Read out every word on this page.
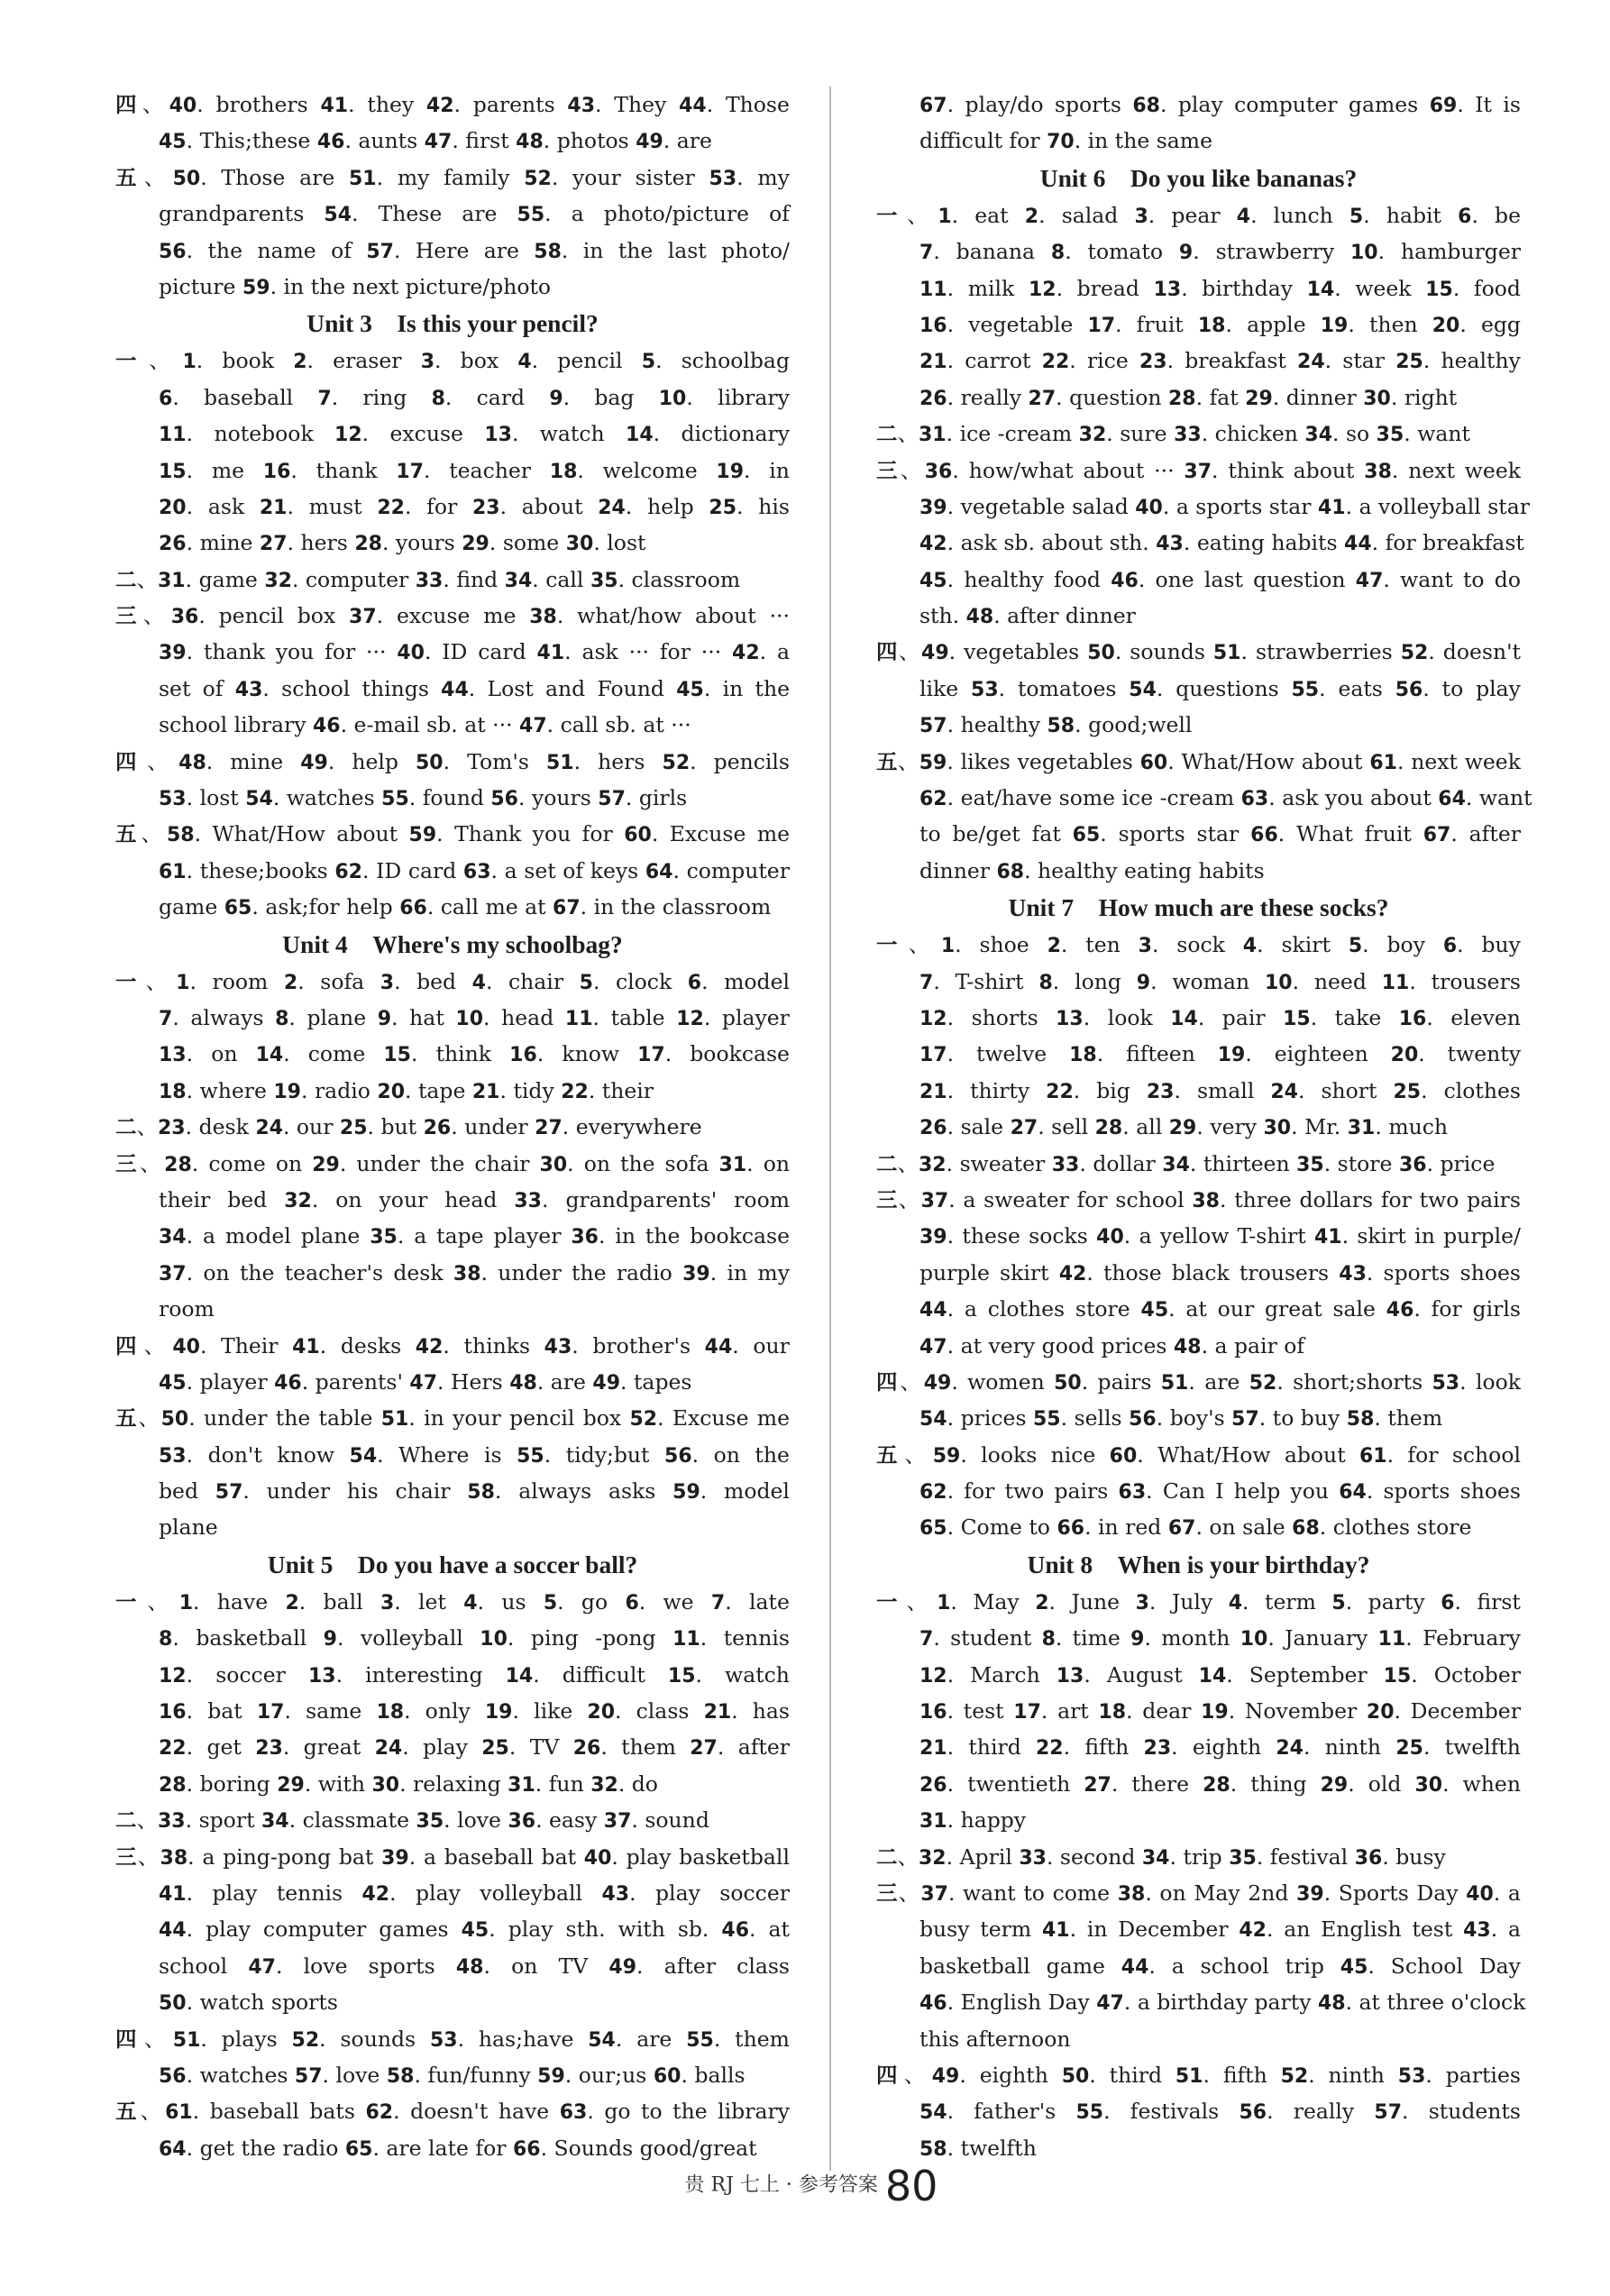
四、40. brothers 41. they 42. parents 43. They 44. Those
45. This;these 46. aunts 47. first 48. photos 49. are
五、50. Those are 51. my family 52. your sister 53. my
grandparents 54. These are 55. a photo/picture of
56. the name of 57. Here are 58. in the last photo/
picture 59. in the next picture/photo
Unit 3  Is this your pencil?
一、1. book 2. eraser 3. box 4. pencil 5. schoolbag
6. baseball 7. ring 8. card 9. bag 10. library
11. notebook 12. excuse 13. watch 14. dictionary
15. me 16. thank 17. teacher 18. welcome 19. in
20. ask 21. must 22. for 23. about 24. help 25. his
26. mine 27. hers 28. yours 29. some 30. lost
二、31. game 32. computer 33. find 34. call 35. classroom
三、36. pencil box 37. excuse me 38. what/how about ···
39. thank you for ··· 40. ID card 41. ask ··· for ··· 42. a
set of 43. school things 44. Lost and Found 45. in the
school library 46. e-mail sb. at ··· 47. call sb. at ···
四、48. mine 49. help 50. Tom's 51. hers 52. pencils
53. lost 54. watches 55. found 56. yours 57. girls
五、58. What/How about 59. Thank you for 60. Excuse me
61. these;books 62. ID card 63. a set of keys 64. computer
game 65. ask;for help 66. call me at 67. in the classroom
Unit 4  Where's my schoolbag?
一、1. room 2. sofa 3. bed 4. chair 5. clock 6. model
7. always 8. plane 9. hat 10. head 11. table 12. player
13. on 14. come 15. think 16. know 17. bookcase
18. where 19. radio 20. tape 21. tidy 22. their
二、23. desk 24. our 25. but 26. under 27. everywhere
三、28. come on 29. under the chair 30. on the sofa 31. on
their bed 32. on your head 33. grandparents' room
34. a model plane 35. a tape player 36. in the bookcase
37. on the teacher's desk 38. under the radio 39. in my
room
四、40. Their 41. desks 42. thinks 43. brother's 44. our
45. player 46. parents' 47. Hers 48. are 49. tapes
五、50. under the table 51. in your pencil box 52. Excuse me
53. don't know 54. Where is 55. tidy;but 56. on the
bed 57. under his chair 58. always asks 59. model
plane
Unit 5  Do you have a soccer ball?
一、1. have 2. ball 3. let 4. us 5. go 6. we 7. late
8. basketball 9. volleyball 10. ping -pong 11. tennis
12. soccer 13. interesting 14. difficult 15. watch
16. bat 17. same 18. only 19. like 20. class 21. has
22. get 23. great 24. play 25. TV 26. them 27. after
28. boring 29. with 30. relaxing 31. fun 32. do
二、33. sport 34. classmate 35. love 36. easy 37. sound
三、38. a ping-pong bat 39. a baseball bat 40. play basketball
41. play tennis 42. play volleyball 43. play soccer
44. play computer games 45. play sth. with sb. 46. at
school 47. love sports 48. on TV 49. after class
50. watch sports
四、51. plays 52. sounds 53. has;have 54. are 55. them
56. watches 57. love 58. fun/funny 59. our;us 60. balls
五、61. baseball bats 62. doesn't have 63. go to the library
64. get the radio 65. are late for 66. Sounds good/great
67. play/do sports 68. play computer games 69. It is
difficult for 70. in the same
Unit 6  Do you like bananas?
一、1. eat 2. salad 3. pear 4. lunch 5. habit 6. be
7. banana 8. tomato 9. strawberry 10. hamburger
11. milk 12. bread 13. birthday 14. week 15. food
16. vegetable 17. fruit 18. apple 19. then 20. egg
21. carrot 22. rice 23. breakfast 24. star 25. healthy
26. really 27. question 28. fat 29. dinner 30. right
二、31. ice -cream 32. sure 33. chicken 34. so 35. want
三、36. how/what about ··· 37. think about 38. next week
39. vegetable salad 40. a sports star 41. a volleyball star
42. ask sb. about sth. 43. eating habits 44. for breakfast
45. healthy food 46. one last question 47. want to do
sth. 48. after dinner
四、49. vegetables 50. sounds 51. strawberries 52. doesn't
like 53. tomatoes 54. questions 55. eats 56. to play
57. healthy 58. good;well
五、59. likes vegetables 60. What/How about 61. next week
62. eat/have some ice -cream 63. ask you about 64. want
to be/get fat 65. sports star 66. What fruit 67. after
dinner 68. healthy eating habits
Unit 7  How much are these socks?
一、1. shoe 2. ten 3. sock 4. skirt 5. boy 6. buy
7. T-shirt 8. long 9. woman 10. need 11. trousers
12. shorts 13. look 14. pair 15. take 16. eleven
17. twelve 18. fifteen 19. eighteen 20. twenty
21. thirty 22. big 23. small 24. short 25. clothes
26. sale 27. sell 28. all 29. very 30. Mr. 31. much
二、32. sweater 33. dollar 34. thirteen 35. store 36. price
三、37. a sweater for school 38. three dollars for two pairs
39. these socks 40. a yellow T-shirt 41. skirt in purple/
purple skirt 42. those black trousers 43. sports shoes
44. a clothes store 45. at our great sale 46. for girls
47. at very good prices 48. a pair of
四、49. women 50. pairs 51. are 52. short;shorts 53. look
54. prices 55. sells 56. boy's 57. to buy 58. them
五、59. looks nice 60. What/How about 61. for school
62. for two pairs 63. Can I help you 64. sports shoes
65. Come to 66. in red 67. on sale 68. clothes store
Unit 8  When is your birthday?
一、1. May 2. June 3. July 4. term 5. party 6. first
7. student 8. time 9. month 10. January 11. February
12. March 13. August 14. September 15. October
16. test 17. art 18. dear 19. November 20. December
21. third 22. fifth 23. eighth 24. ninth 25. twelfth
26. twentieth 27. there 28. thing 29. old 30. when
31. happy
二、32. April 33. second 34. trip 35. festival 36. busy
三、37. want to come 38. on May 2nd 39. Sports Day 40. a
busy term 41. in December 42. an English test 43. a
basketball game 44. a school trip 45. School Day
46. English Day 47. a birthday party 48. at three o'clock
this afternoon
四、49. eighth 50. third 51. fifth 52. ninth 53. parties
54. father's 55. festivals 56. really 57. students
58. twelfth
贵 RJ 七上 · 参考答案 80
